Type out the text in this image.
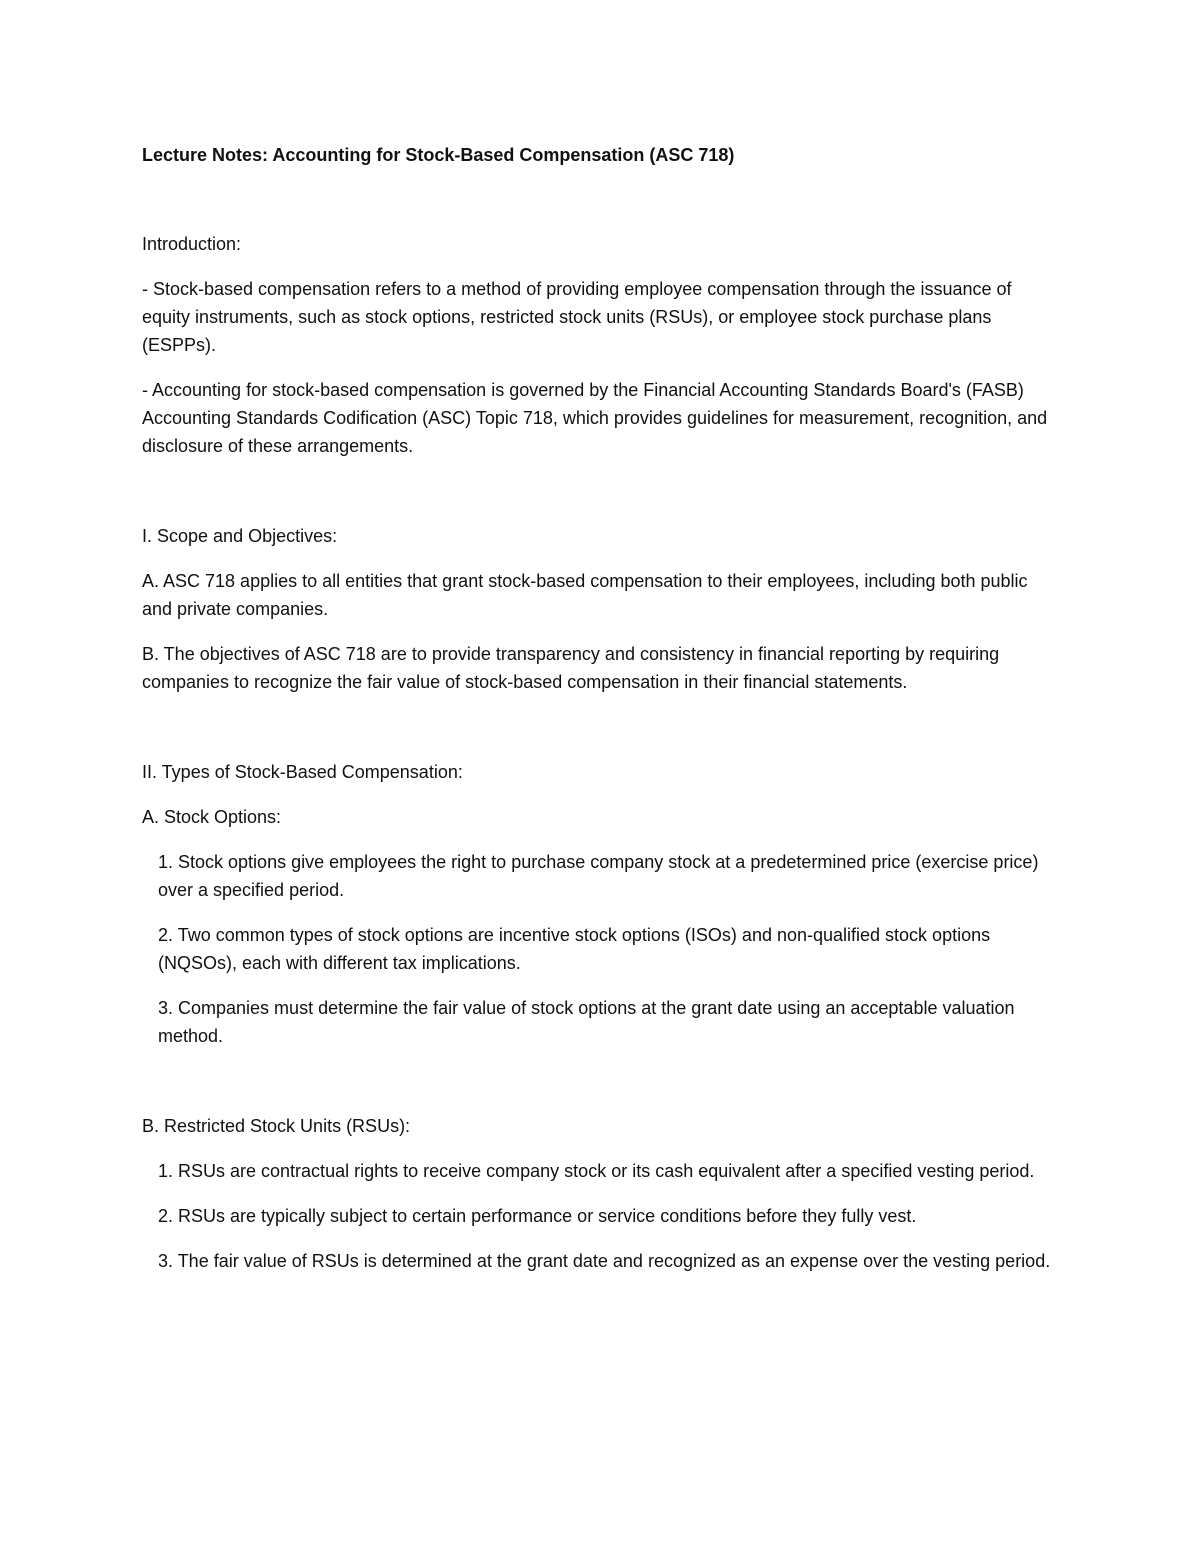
Lecture Notes: Accounting for Stock-Based Compensation (ASC 718)

Introduction:

- Stock-based compensation refers to a method of providing employee compensation through the issuance of equity instruments, such as stock options, restricted stock units (RSUs), or employee stock purchase plans (ESPPs).

- Accounting for stock-based compensation is governed by the Financial Accounting Standards Board's (FASB) Accounting Standards Codification (ASC) Topic 718, which provides guidelines for measurement, recognition, and disclosure of these arrangements.

I. Scope and Objectives:

A. ASC 718 applies to all entities that grant stock-based compensation to their employees, including both public and private companies.

B. The objectives of ASC 718 are to provide transparency and consistency in financial reporting by requiring companies to recognize the fair value of stock-based compensation in their financial statements.

II. Types of Stock-Based Compensation:

A. Stock Options:

1. Stock options give employees the right to purchase company stock at a predetermined price (exercise price) over a specified period.

2. Two common types of stock options are incentive stock options (ISOs) and non-qualified stock options (NQSOs), each with different tax implications.

3. Companies must determine the fair value of stock options at the grant date using an acceptable valuation method.

B. Restricted Stock Units (RSUs):

1. RSUs are contractual rights to receive company stock or its cash equivalent after a specified vesting period.

2. RSUs are typically subject to certain performance or service conditions before they fully vest.

3. The fair value of RSUs is determined at the grant date and recognized as an expense over the vesting period.
